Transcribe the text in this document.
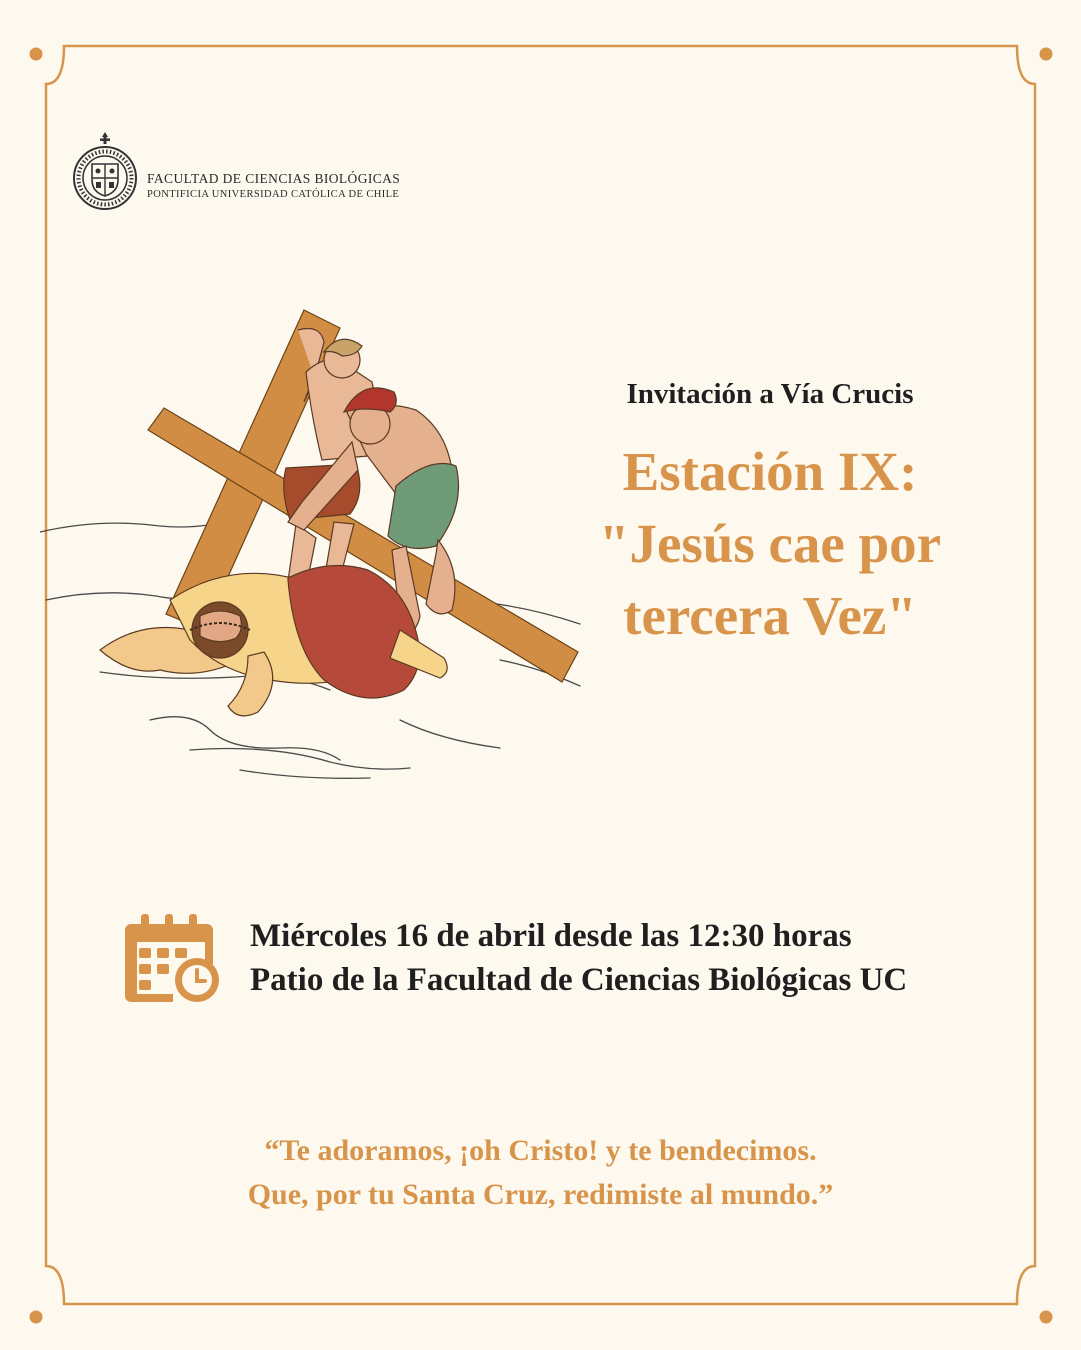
FACULTAD DE CIENCIAS BIOLÓGICAS
PONTIFICIA UNIVERSIDAD CATÓLICA DE CHILE
Invitación a Vía Crucis
Estación IX:
"Jesús cae por
tercera Vez"
Miércoles 16 de abril desde las 12:30 horas
Patio de la Facultad de Ciencias Biológicas UC
“Te adoramos, ¡oh Cristo! y te bendecimos.
Que, por tu Santa Cruz, redimiste al mundo.”
